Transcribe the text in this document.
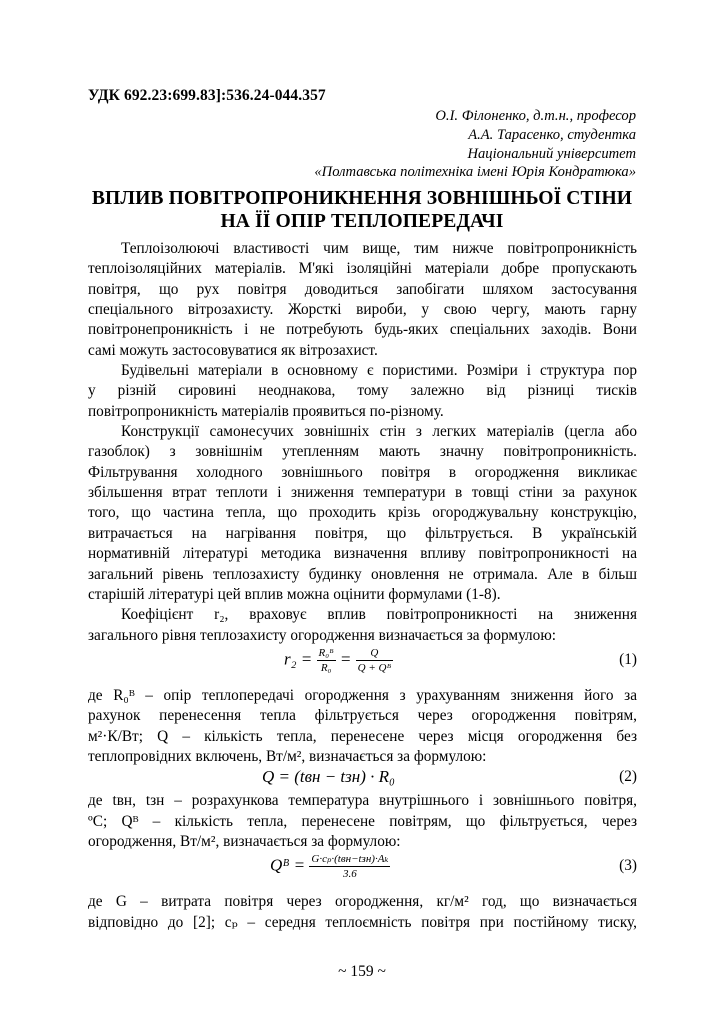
УДК 692.23:699.83]:536.24-044.357
О.І. Філоненко, д.т.н., професор
А.А. Тарасенко, студентка
Національний університет
«Полтавська політехніка імені Юрія Кондратюка»
ВПЛИВ ПОВІТРОПРОНИКНЕННЯ ЗОВНІШНЬОЇ СТІНИ
НА ЇЇ ОПІР ТЕПЛОПЕРЕДАЧІ
Теплоізолюючі властивості чим вище, тим нижче повітропроникність
теплоізоляційних матеріалів. М'які ізоляційні матеріали добре пропускають
повітря, що рух повітря доводиться запобігати шляхом застосування
спеціального вітрозахисту. Жорсткі вироби, у свою чергу, мають гарну
повітронепроникність і не потребують будь-яких спеціальних заходів. Вони
самі можуть застосовуватися як вітрозахист.
Будівельні матеріали в основному є пористими. Розміри і структура пор
у різній сировині неоднакова, тому залежно від різниці тисків
повітропроникність матеріалів проявиться по-різному.
Конструкції самонесучих зовнішніх стін з легких матеріалів (цегла або
газоблок) з зовнішнім утепленням мають значну повітропроникність.
Фільтрування холодного зовнішнього повітря в огородження викликає
збільшення втрат теплоти і зниження температури в товщі стіни за рахунок
того, що частина тепла, що проходить крізь огороджувальну конструкцію,
витрачається на нагрівання повітря, що фільтрується. В українській
нормативній літературі методика визначення впливу повітропроникності на
загальний рівень теплозахисту будинку оновлення не отримала. Але в більш
старішій літературі цей вплив можна оцінити формулами (1-8).
Коефіцієнт r₂, враховує вплив повітропроникності на зниження
загального рівня теплозахисту огородження визначається за формулою:
$r_2 = \frac{\text{R₀ᴮ}}{\text{R₀}} = \frac{Q}{\text{Q + Qᴮ}}$	(1)
де R₀ᴮ – опір теплопередачі огородження з урахуванням зниження його за
рахунок перенесення тепла фільтрується через огородження повітрям,
м²·К/Вт; Q – кількість тепла, перенесене через місця огородження без
теплопровідних включень, Вт/м², визначається за формулою:
Q = (tвн − tзн) · R₀	(2)
де tвн, tзн – розрахункова температура внутрішнього і зовнішнього повітря,
ºС; Qᴮ – кількість тепла, перенесене повітрям, що фільтрується, через
огородження, Вт/м², визначається за формулою:
Qᴮ = $\frac{\text{G·cₚ·(tвн−tзн)·Aₖ}}{3.6}$	(3)
де G – витрата повітря через огородження, кг/м² год, що визначається
відповідно до [2]; cₚ – середня теплоємність повітря при постійному тиску,
~ 159 ~
